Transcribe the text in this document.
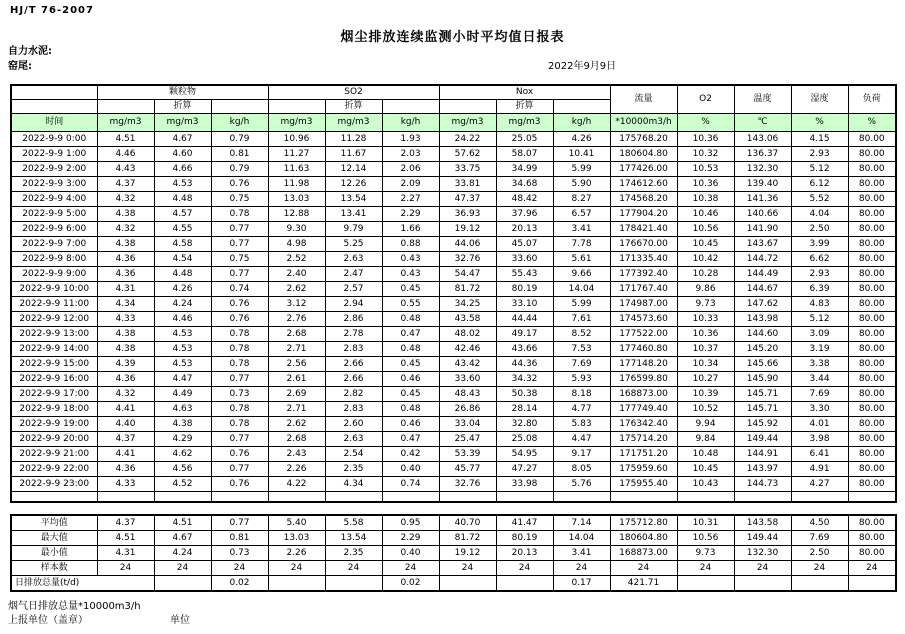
HJ/T 76-2007
烟尘排放连续监测小时平均值日报表
自力水泥:
窑尾:	2022年9月9日
	颗粒物			SO2			Nox			流量	O2	温度	湿度	负荷
		折算			折算			折算						
时间	mg/m3	mg/m3	kg/h	mg/m3	mg/m3	kg/h	mg/m3	mg/m3	kg/h	*10000m3/h	%	℃	%	%
2022-9-9 0:00	4.51	4.67	0.79	10.96	11.28	1.93	24.22	25.05	4.26	175768.20	10.36	143.06	4.15	80.00
2022-9-9 1:00	4.46	4.60	0.81	11.27	11.67	2.03	57.62	58.07	10.41	180604.80	10.32	136.37	2.93	80.00
2022-9-9 2:00	4.43	4.66	0.79	11.63	12.14	2.06	33.75	34.99	5.99	177426.00	10.53	132.30	5.12	80.00
2022-9-9 3:00	4.37	4.53	0.76	11.98	12.26	2.09	33.81	34.68	5.90	174612.60	10.36	139.40	6.12	80.00
2022-9-9 4:00	4.32	4.48	0.75	13.03	13.54	2.27	47.37	48.42	8.27	174568.20	10.38	141.36	5.52	80.00
2022-9-9 5:00	4.38	4.57	0.78	12.88	13.41	2.29	36.93	37.96	6.57	177904.20	10.46	140.66	4.04	80.00
2022-9-9 6:00	4.32	4.55	0.77	9.30	9.79	1.66	19.12	20.13	3.41	178421.40	10.56	141.90	2.50	80.00
2022-9-9 7:00	4.38	4.58	0.77	4.98	5.25	0.88	44.06	45.07	7.78	176670.00	10.45	143.67	3.99	80.00
2022-9-9 8:00	4.36	4.54	0.75	2.52	2.63	0.43	32.76	33.60	5.61	171335.40	10.42	144.72	6.62	80.00
2022-9-9 9:00	4.36	4.48	0.77	2.40	2.47	0.43	54.47	55.43	9.66	177392.40	10.28	144.49	2.93	80.00
2022-9-9 10:00	4.31	4.26	0.74	2.62	2.57	0.45	81.72	80.19	14.04	171767.40	9.86	144.67	6.39	80.00
2022-9-9 11:00	4.34	4.24	0.76	3.12	2.94	0.55	34.25	33.10	5.99	174987.00	9.73	147.62	4.83	80.00
2022-9-9 12:00	4.33	4.46	0.76	2.76	2.86	0.48	43.58	44.44	7.61	174573.60	10.33	143.98	5.12	80.00
2022-9-9 13:00	4.38	4.53	0.78	2.68	2.78	0.47	48.02	49.17	8.52	177522.00	10.36	144.60	3.09	80.00
2022-9-9 14:00	4.38	4.53	0.78	2.71	2.83	0.48	42.46	43.66	7.53	177460.80	10.37	145.20	3.19	80.00
2022-9-9 15:00	4.39	4.53	0.78	2.56	2.66	0.45	43.42	44.36	7.69	177148.20	10.34	145.66	3.38	80.00
2022-9-9 16:00	4.36	4.47	0.77	2.61	2.66	0.46	33.60	34.32	5.93	176599.80	10.27	145.90	3.44	80.00
2022-9-9 17:00	4.32	4.49	0.73	2.69	2.82	0.45	48.43	50.38	8.18	168873.00	10.39	145.71	7.69	80.00
2022-9-9 18:00	4.41	4.63	0.78	2.71	2.83	0.48	26.86	28.14	4.77	177749.40	10.52	145.71	3.30	80.00
2022-9-9 19:00	4.40	4.38	0.78	2.62	2.60	0.46	33.04	32.80	5.83	176342.40	9.94	145.92	4.01	80.00
2022-9-9 20:00	4.37	4.29	0.77	2.68	2.63	0.47	25.47	25.08	4.47	175714.20	9.84	149.44	3.98	80.00
2022-9-9 21:00	4.41	4.62	0.76	2.43	2.54	0.42	53.39	54.95	9.17	171751.20	10.48	144.91	6.41	80.00
2022-9-9 22:00	4.36	4.56	0.77	2.26	2.35	0.40	45.77	47.27	8.05	175959.60	10.45	143.97	4.91	80.00
2022-9-9 23:00	4.33	4.52	0.76	4.22	4.34	0.74	32.76	33.98	5.76	175955.40	10.43	144.73	4.27	80.00

平均值	4.37	4.51	0.77	5.40	5.58	0.95	40.70	41.47	7.14	175712.80	10.31	143.58	4.50	80.00
最大值	4.51	4.67	0.81	13.03	13.54	2.29	81.72	80.19	14.04	180604.80	10.56	149.44	7.69	80.00
最小值	4.31	4.24	0.73	2.26	2.35	0.40	19.12	20.13	3.41	168873.00	9.73	132.30	2.50	80.00
样本数	24	24	24	24	24	24	24	24	24	24	24	24	24	24
日排放总量(t/d)			0.02			0.02			0.17	421.71				
烟气日排放总量*10000m3/h
上报单位（盖章）	单位
